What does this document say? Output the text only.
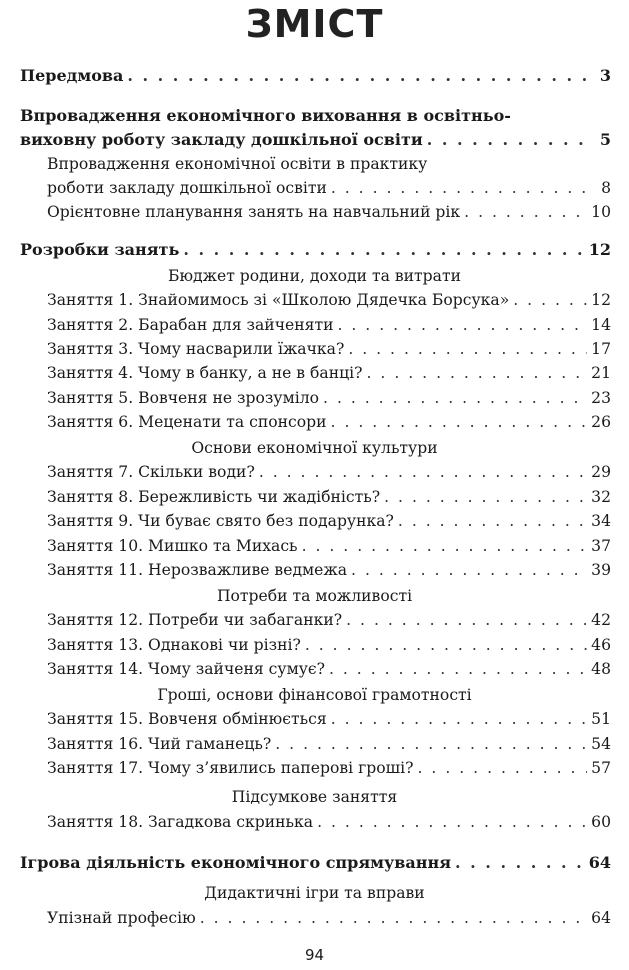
ЗМІСТ
Передмова . . .	3
Впровадження економічного виховання в освітньо-
виховну роботу закладу дошкільної освіти . . .	5
Впровадження економічної освіти в практику
роботи закладу дошкільної освіти . . .	8
Орієнтовне планування занять на навчальний рік . . .	10
Розробки занять . . .	12
Бюджет родини, доходи та витрати
Заняття 1. Знайомимось зі «Школою Дядечка Борсука» . . .	12
Заняття 2. Барабан для зайченяти . . .	14
Заняття 3. Чому насварили їжачка? . . .	17
Заняття 4. Чому в банку, а не в банці? . . .	21
Заняття 5. Вовченя не зрозуміло . . .	23
Заняття 6. Меценати та спонсори . . .	26
Основи економічної культури
Заняття 7. Скільки води? . . .	29
Заняття 8. Бережливість чи жадібність? . . .	32
Заняття 9. Чи буває свято без подарунка? . . .	34
Заняття 10. Мишко та Михась . . .	37
Заняття 11. Нерозважливе ведмежа . . .	39
Потреби та можливості
Заняття 12. Потреби чи забаганки? . . .	42
Заняття 13. Однакові чи різні? . . .	46
Заняття 14. Чому зайченя сумує? . . .	48
Гроші, основи фінансової грамотності
Заняття 15. Вовченя обмінюється . . .	51
Заняття 16. Чий гаманець? . . .	54
Заняття 17. Чому з’явились паперові гроші? . . .	57
Підсумкове заняття
Заняття 18. Загадкова скринька . . .	60
Ігрова діяльність економічного спрямування . . .	64
Дидактичні ігри та вправи
Упізнай професію . . .	64
94
